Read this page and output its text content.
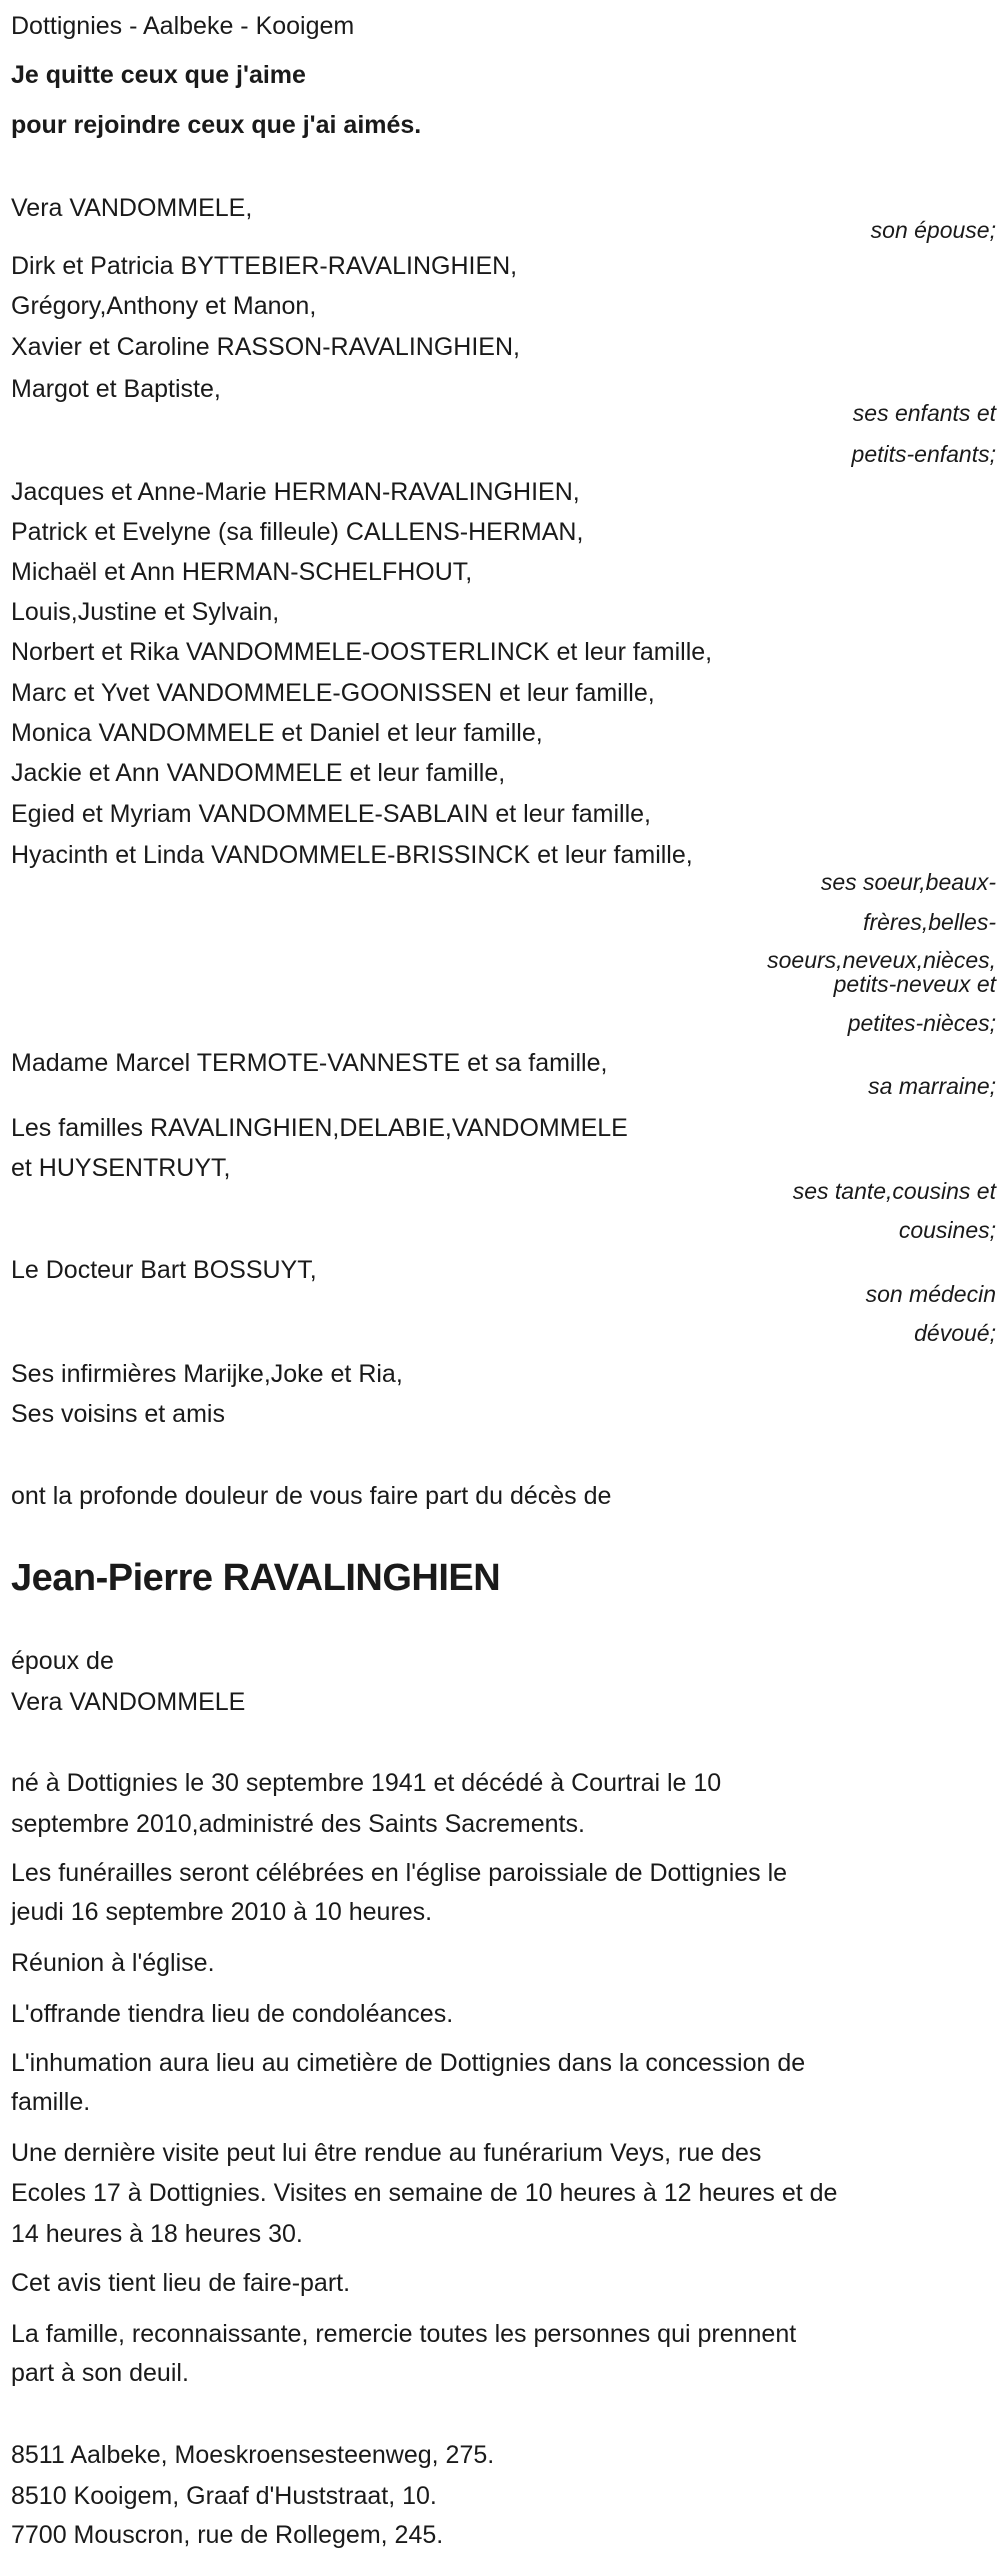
Dottignies - Aalbeke - Kooigem
Je quitte ceux que j'aime
pour rejoindre ceux que j'ai aimés.
Vera VANDOMMELE,
son épouse;
Dirk et Patricia BYTTEBIER-RAVALINGHIEN,
Grégory,Anthony et Manon,
Xavier et Caroline RASSON-RAVALINGHIEN,
Margot et Baptiste,
ses enfants et
petits-enfants;
Jacques et Anne-Marie HERMAN-RAVALINGHIEN,
Patrick et Evelyne (sa filleule) CALLENS-HERMAN,
Michaël et Ann HERMAN-SCHELFHOUT,
Louis,Justine et Sylvain,
Norbert et Rika VANDOMMELE-OOSTERLINCK et leur famille,
Marc et Yvet VANDOMMELE-GOONISSEN et leur famille,
Monica VANDOMMELE et Daniel et leur famille,
Jackie et Ann VANDOMMELE et leur famille,
Egied et Myriam VANDOMMELE-SABLAIN et leur famille,
Hyacinth et Linda VANDOMMELE-BRISSINCK et leur famille,
ses soeur,beaux-
frères,belles-
soeurs,neveux,nièces,
petits-neveux et
petites-nièces;
Madame Marcel TERMOTE-VANNESTE et sa famille,
sa marraine;
Les familles RAVALINGHIEN,DELABIE,VANDOMMELE
et HUYSENTRUYT,
ses tante,cousins et
cousines;
Le Docteur Bart BOSSUYT,
son médecin
dévoué;
Ses infirmières Marijke,Joke et Ria,
Ses voisins et amis
ont la profonde douleur de vous faire part du décès de
Jean-Pierre RAVALINGHIEN
époux de
Vera VANDOMMELE
né à Dottignies le 30 septembre 1941 et décédé à Courtrai le 10
septembre 2010,administré des Saints Sacrements.
Les funérailles seront célébrées en l'église paroissiale de Dottignies le
jeudi 16 septembre 2010 à 10 heures.
Réunion à l'église.
L'offrande tiendra lieu de condoléances.
L'inhumation aura lieu au cimetière de Dottignies dans la concession de
famille.
Une dernière visite peut lui être rendue au funérarium Veys, rue des
Ecoles 17 à Dottignies. Visites en semaine de 10 heures à 12 heures et de
14 heures à 18 heures 30.
Cet avis tient lieu de faire-part.
La famille, reconnaissante, remercie toutes les personnes qui prennent
part à son deuil.
8511 Aalbeke, Moeskroensesteenweg, 275.
8510 Kooigem, Graaf d'Huststraat, 10.
7700 Mouscron, rue de Rollegem, 245.
